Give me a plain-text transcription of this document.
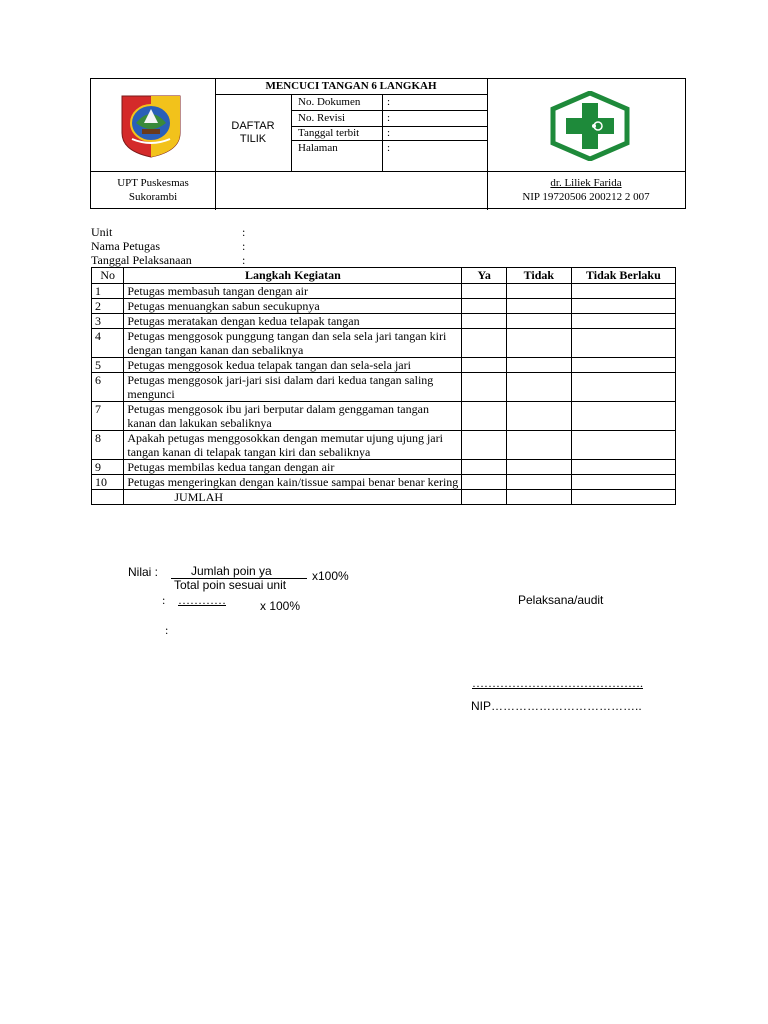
MENCUCI TANGAN 6 LANGKAH
DAFTAR
TILIK
No. Dokumen :
No. Revisi	:
Tanggal terbit	:
Halaman	:
UPT Puskesmas
Sukorambi
dr. Liliek Farida
NIP 19720506 200212 2 007
Unit	:
Nama Petugas	:
Tanggal Pelaksanaan	:
No	Langkah Kegiatan	Ya	Tidak	Tidak Berlaku
1	Petugas membasuh tangan dengan air			
2	Petugas menuangkan sabun secukupnya			
3	Petugas meratakan dengan kedua telapak tangan			
4	Petugas menggosok punggung tangan dan sela sela jari tangan kiri dengan tangan kanan dan sebaliknya			
5	Petugas menggosok kedua telapak tangan dan sela-sela jari			
6	Petugas menggosok jari-jari sisi dalam dari kedua tangan saling mengunci			
7	Petugas menggosok ibu jari berputar dalam genggaman tangan kanan dan lakukan sebaliknya			
8	Apakah petugas menggosokkan dengan memutar ujung ujung jari tangan kanan di telapak tangan kiri dan sebaliknya			
9	Petugas membilas kedua tangan dengan air			
10	Petugas mengeringkan dengan kain/tissue sampai benar benar kering			
	JUMLAH			
Nilai :	Jumlah poin ya
Total poin sesuai unit
x100%
: …………	x 100%
:
Pelaksana/audit
…………………………………….
NIP………………………………..
